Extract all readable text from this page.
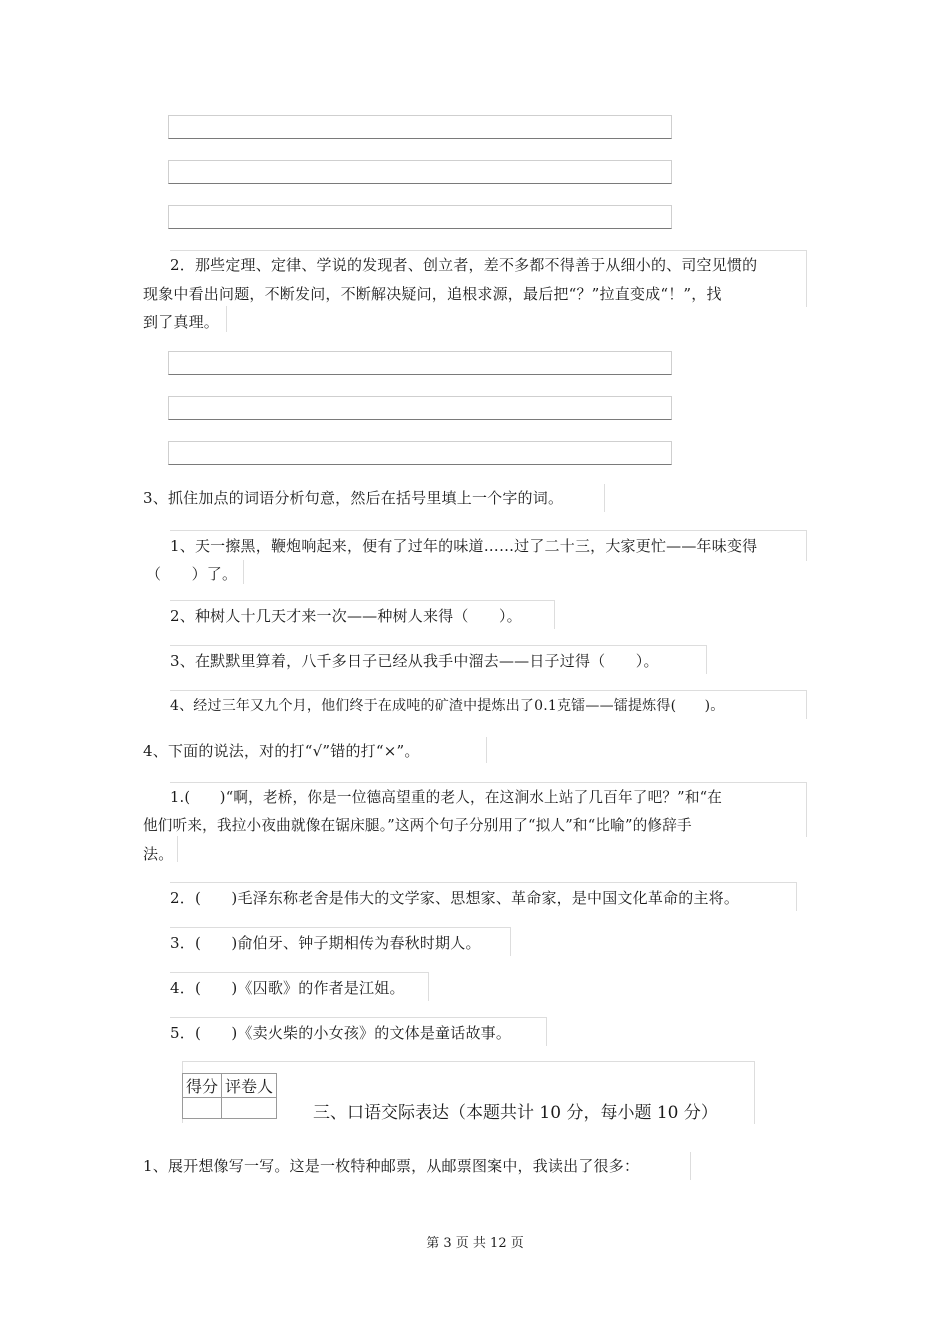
2．那些定理、定律、学说的发现者、创立者，差不多都不得善于从细小的、司空见惯的
现象中看出问题，不断发问，不断解决疑问，追根求源，最后把“？”拉直变成“！”，找
到了真理。
3、抓住加点的词语分析句意，然后在括号里填上一个字的词。
1、天一擦黑，鞭炮响起来，便有了过年的味道……过了二十三，大家更忙——年味变得
（　　）了。
2、种树人十几天才来一次——种树人来得（　　）。
3、在默默里算着，八千多日子已经从我手中溜去——日子过得（　　）。
4、经过三年又九个月，他们终于在成吨的矿渣中提炼出了0.1克镭——镭提炼得(　　)。
4、下面的说法，对的打“√”错的打“×”。
1.(　　)“啊，老桥，你是一位德高望重的老人，在这涧水上站了几百年了吧？”和“在
他们听来，我拉小夜曲就像在锯床腿。”这两个句子分别用了“拟人”和“比喻”的修辞手
法。
2．(　　)毛泽东称老舍是伟大的文学家、思想家、革命家，是中国文化革命的主将。
3．(　　)俞伯牙、钟子期相传为春秋时期人。
4．(　　)《囚歌》的作者是江姐。
5．(　　)《卖火柴的小女孩》的文体是童话故事。
得分	评卷人

三、口语交际表达（本题共计 10 分，每小题 10 分）
1、展开想像写一写。这是一枚特种邮票，从邮票图案中，我读出了很多：
第 3 页 共 12 页
